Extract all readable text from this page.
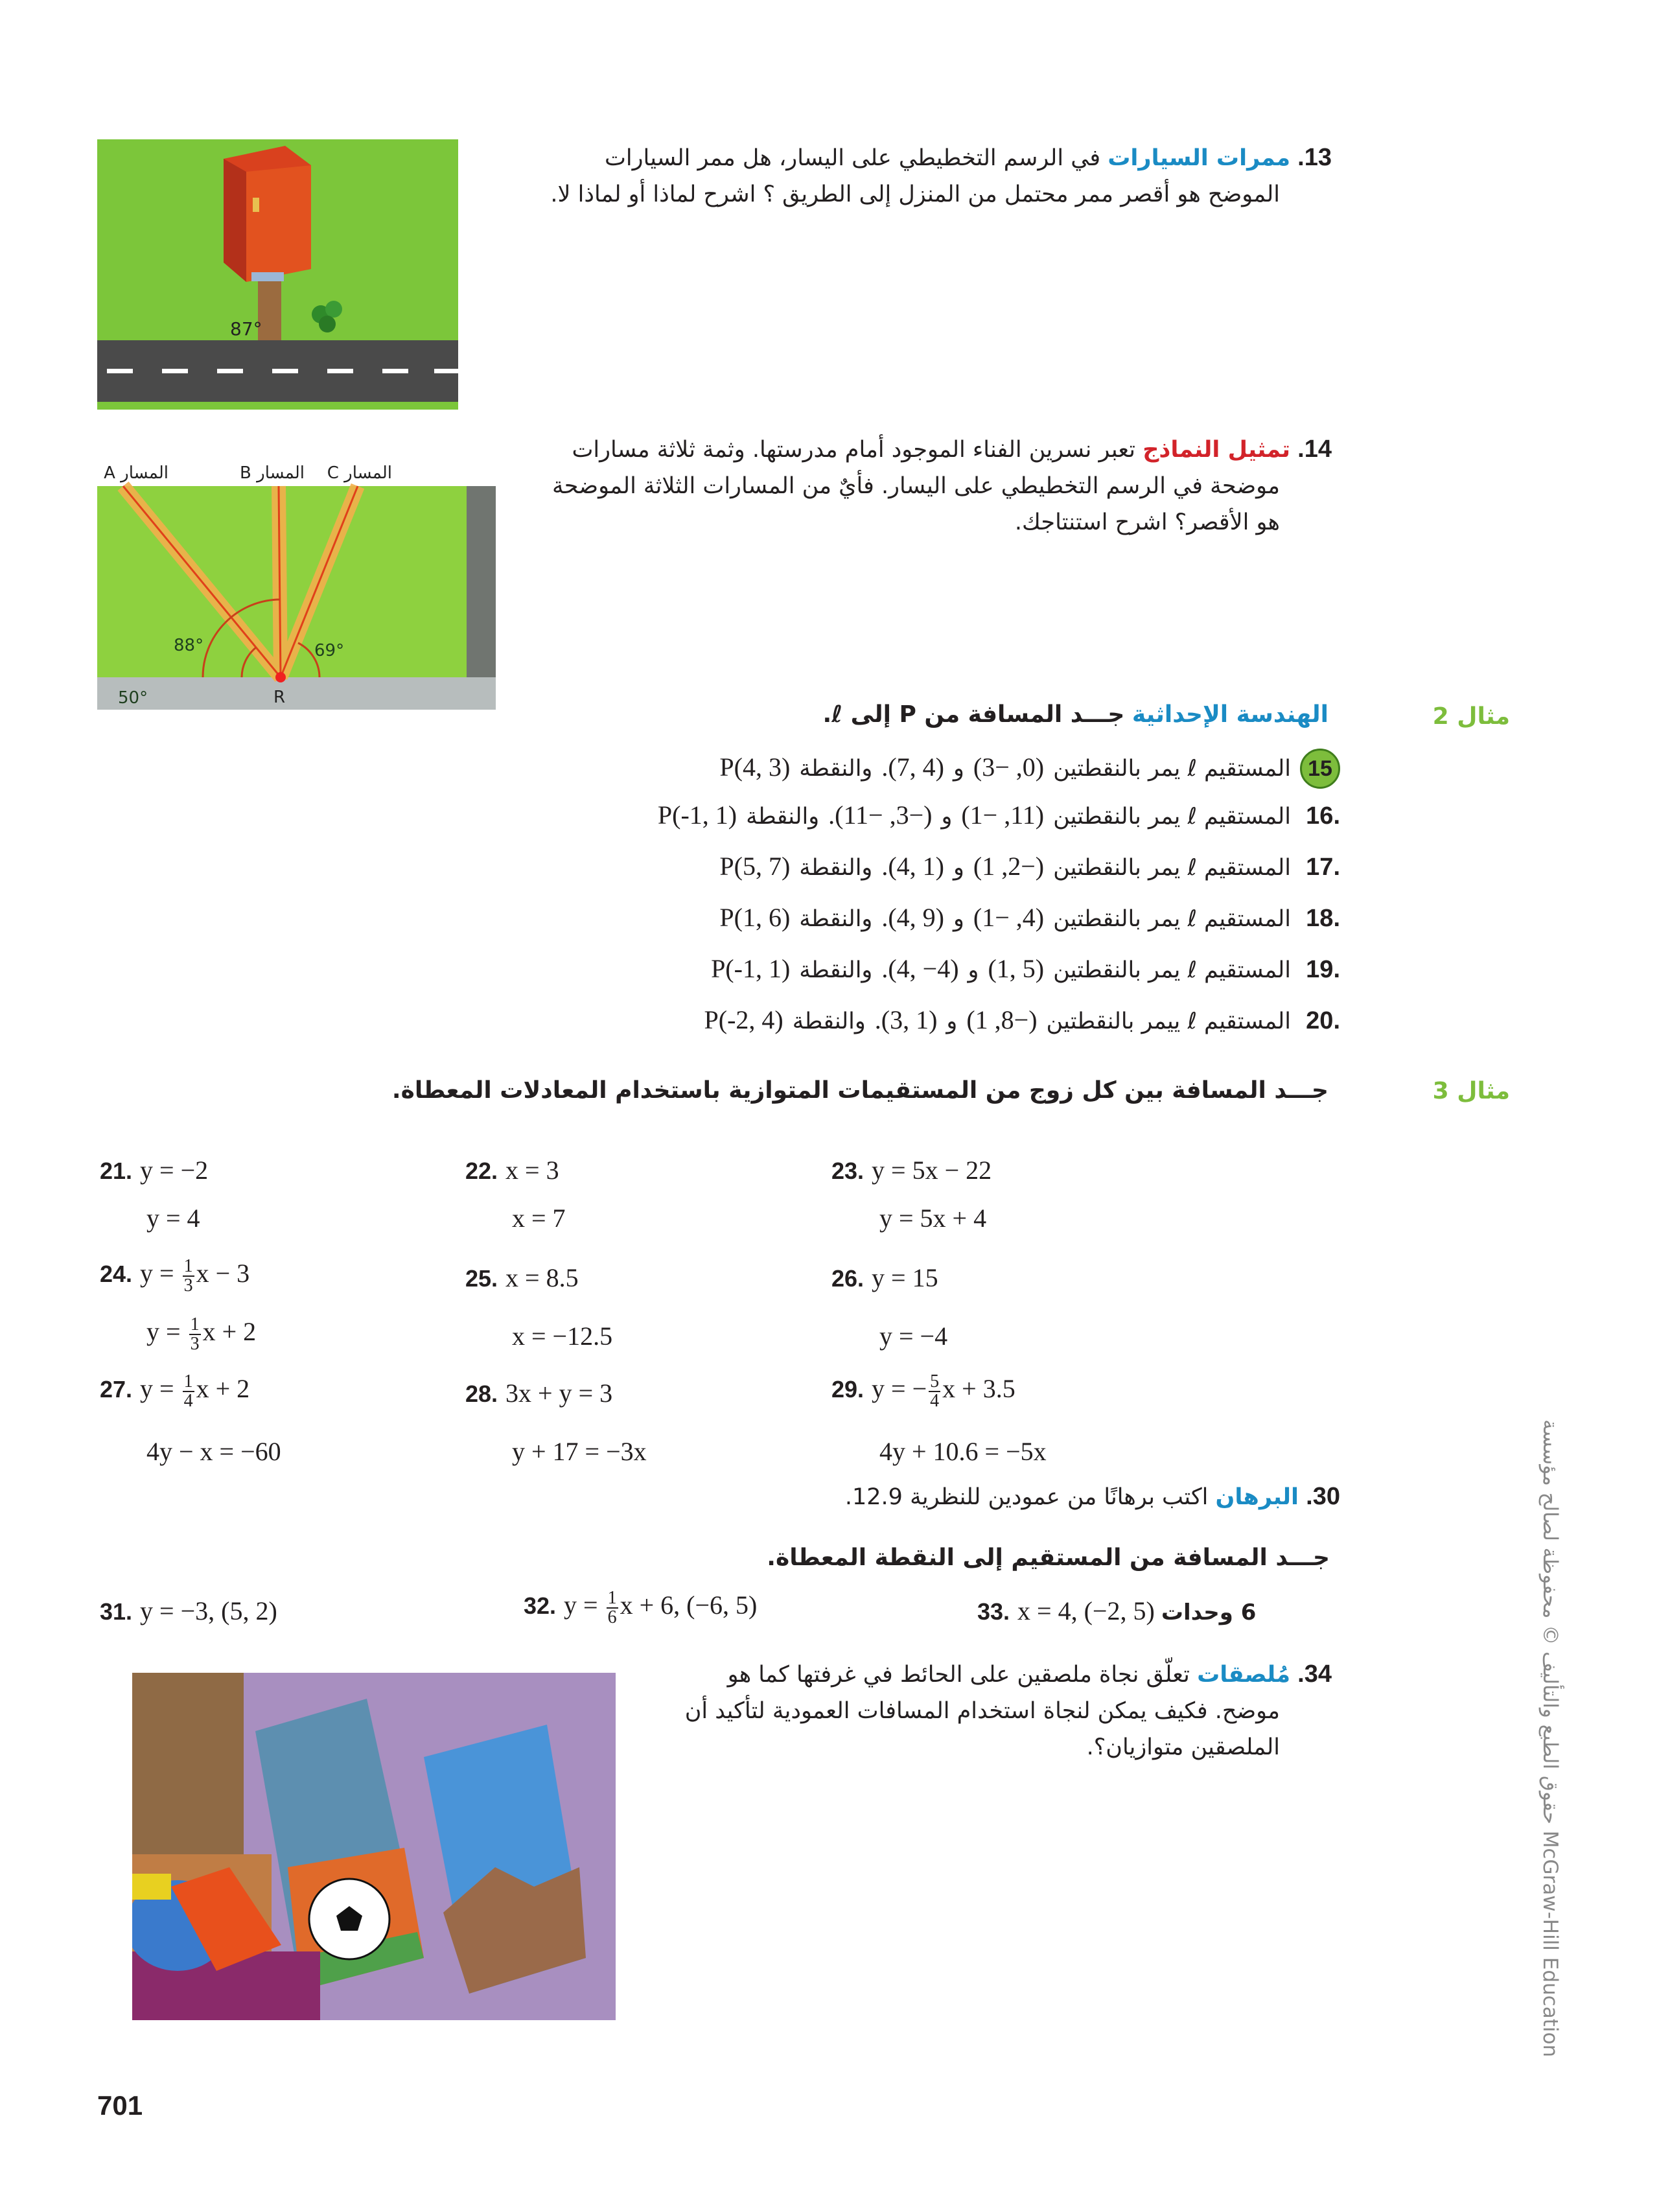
87°
13. ممرات السيارات في الرسم التخطيطي على اليسار، هل ممر السيارات
الموضح هو أقصر ممر محتمل من المنزل إلى الطريق ؟ اشرح لماذا أو لماذا لا.
88°
50°
69°
R
المسار A	المسار B المسار C
14. تمثيل النماذج تعبر نسرين الفناء الموجود أمام مدرستها. وثمة ثلاثة مسارات
موضحة في الرسم التخطيطي على اليسار. فأيٌ من المسارات الثلاثة الموضحة
هو الأقصر؟ اشرح استنتاجك.
مثال 2
الهندسة الإحداثية جـــد المسافة من P إلى ℓ.
P(4, 3) والنقطة .(7, 4) و (3− ,0) المستقيم ℓ يمر بالنقطتين 15
P(-1, 1) والنقطة .(11− ,3−) و (1− ,11) المستقيم ℓ يمر بالنقطتين 16.
P(5, 7) والنقطة .(4, 1) و (1 ,2−) المستقيم ℓ يمر بالنقطتين 17.
P(1, 6) والنقطة .(4, 9) و (1− ,4) المستقيم ℓ يمر بالنقطتين 18.
P(-1, 1) والنقطة .(4, −4) و (1, 5) المستقيم ℓ يمر بالنقطتين 19.
P(-2, 4) والنقطة .(3, 1) و (1 ,8−) المستقيم ℓ ييمر بالنقطتين 20.
مثال 3
جـــد المسافة بين كل زوج من المستقيمات المتوازية باستخدام المعادلات المعطاة.
21. y = −2
y = 4
22. x = 3
x = 7
23. y = 5x − 22
y = 5x + 4
24. $y = \frac{1}{3}$ x − 3
$y = \frac{1}{3}$ x + 2
25. x = 8.5
x = −12.5
26. y = 15
y = −4
27. $y = \frac{1}{4}$ x + 2
4y − x = −60
28. 3x + y = 3
y + 17 = −3x
29. y = − $\frac{5}{4}$ x + 3.5
4y + 10.6 = −5x
30. البرهان اكتب برهانًا من عمودين للنظرية 12.9.
جـــد المسافة من المستقيم إلى النقطة المعطاة.
31. y = −3, (5, 2)	32. $y = \frac{1}{6}$ x + 6, (−6, 5)	33. x = 4, (−2, 5) 6 وحدات
34. مُلصقات تعلّق نجاة ملصقين على الحائط في غرفتها كما هو
موضح. فكيف يمكن لنجاة استخدام المسافات العمودية لتأكيد أن
الملصقين متوازيان؟.
701
حقوق الطبع والتأليف © محفوظة لصالح مؤسسة McGraw-Hill Education
